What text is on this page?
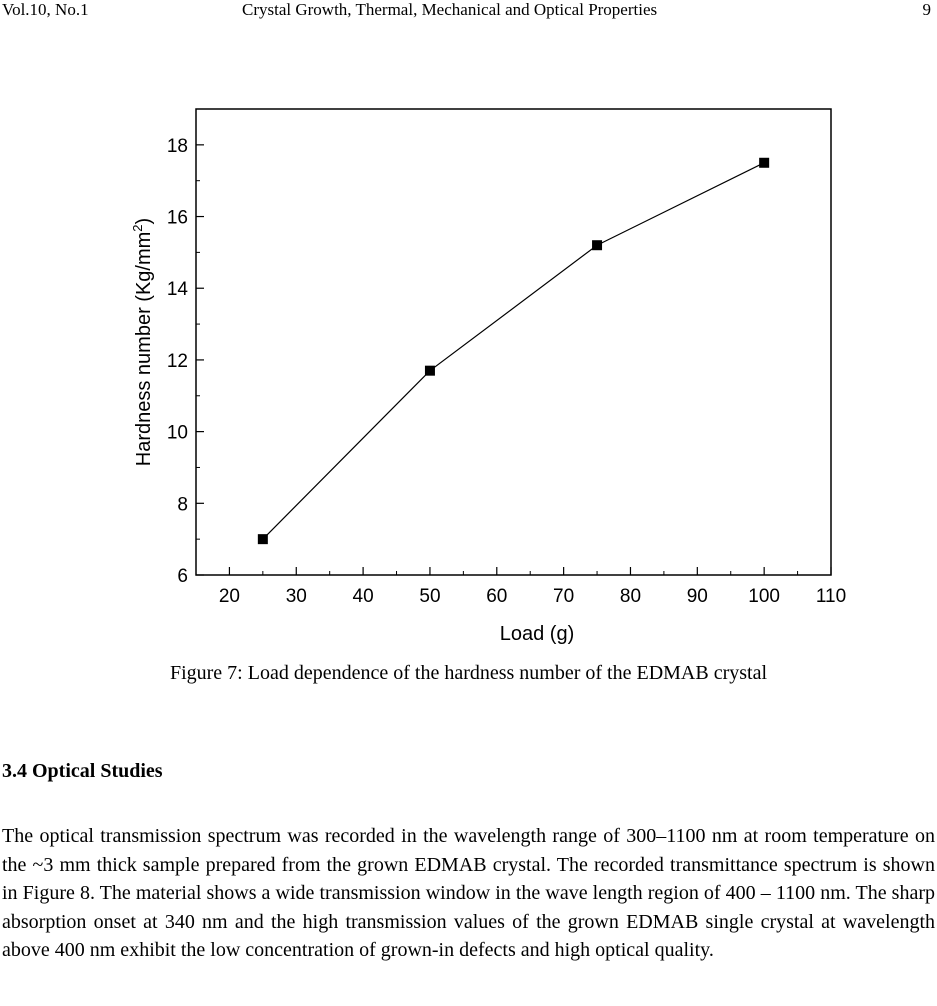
Vol.10, No.1	Crystal Growth, Thermal, Mechanical and Optical Properties	9
20 30 40 50 60 70 80 90 100 110
6
8
10
12
14
16
18
Load (g)
Hardness number $(Kg/mm^2)$
Figure 7: Load dependence of the hardness number of the EDMAB crystal
3.4 Optical Studies

The optical transmission spectrum was recorded in the wavelength range of 300–1100 nm at room temperature on the ~3 mm thick sample prepared from the grown EDMAB crystal. The recorded transmittance spectrum is shown in Figure 8. The material shows a wide transmission window in the wave length region of 400 – 1100 nm. The sharp absorption onset at 340 nm and the high transmission values of the grown EDMAB single crystal at wavelength above 400 nm exhibit the low concentration of grown-in defects and high optical quality.
